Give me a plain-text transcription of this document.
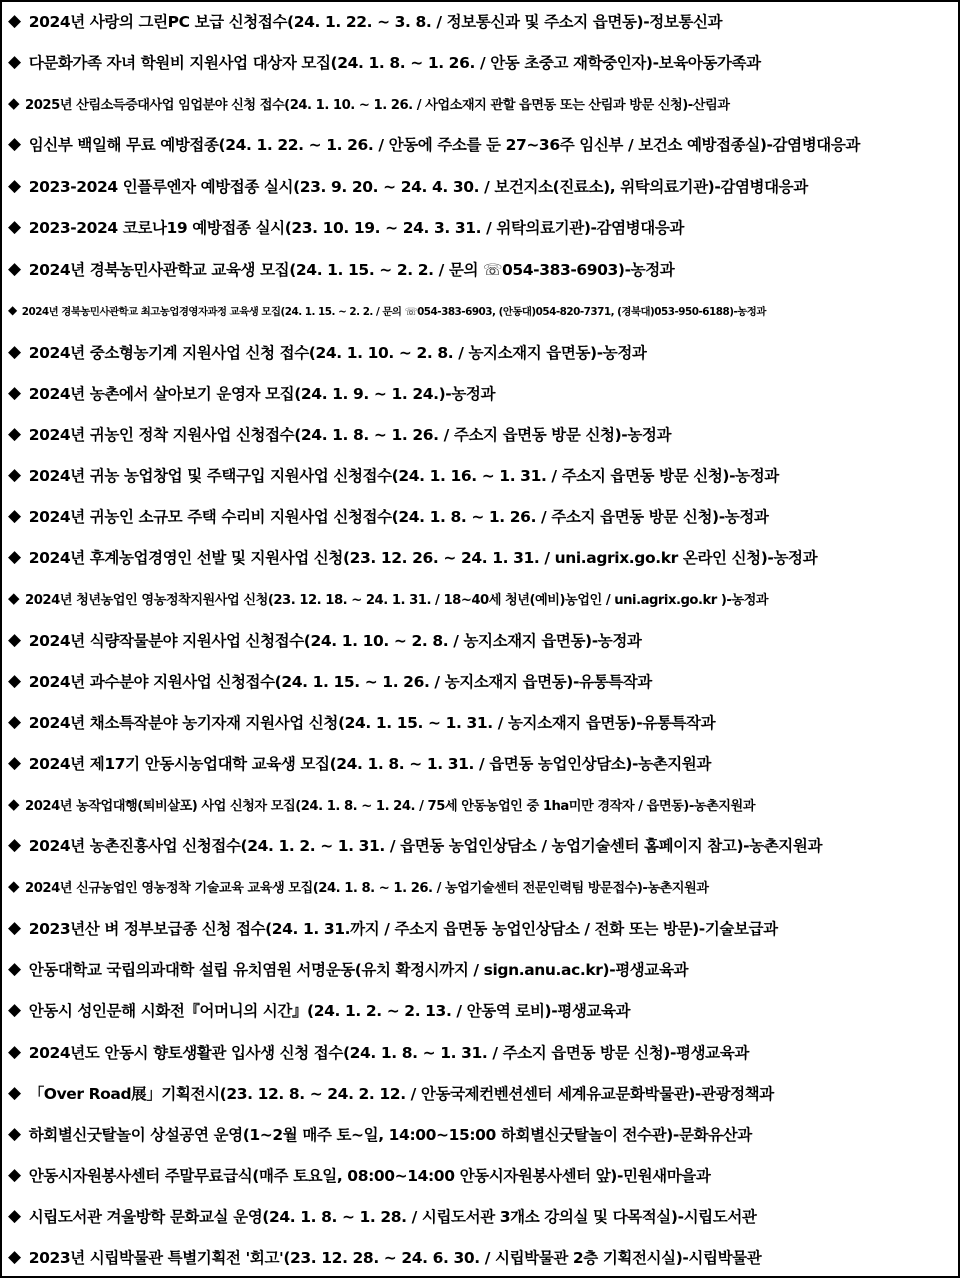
◆ 2024년 사랑의 그린PC 보급 신청접수(24. 1. 22. ~ 3. 8. / 정보통신과 및 주소지 읍면동)-정보통신과
◆ 다문화가족 자녀 학원비 지원사업 대상자 모집(24. 1. 8. ~ 1. 26. / 안동 초중고 재학중인자)-보육아동가족과
◆ 2025년 산림소득증대사업 임업분야 신청 접수(24. 1. 10. ~ 1. 26. / 사업소재지 관할 읍면동 또는 산림과 방문 신청)-산림과
◆ 임신부 백일해 무료 예방접종(24. 1. 22. ~ 1. 26. / 안동에 주소를 둔 27~36주 임신부 / 보건소 예방접종실)-감염병대응과
◆ 2023-2024 인플루엔자 예방접종 실시(23. 9. 20. ~ 24. 4. 30. / 보건지소(진료소), 위탁의료기관)-감염병대응과
◆ 2023-2024 코로나19 예방접종 실시(23. 10. 19. ~ 24. 3. 31. / 위탁의료기관)-감염병대응과
◆ 2024년 경북농민사관학교 교육생 모집(24. 1. 15. ~ 2. 2. / 문의 ☏054-383-6903)-농정과
◆ 2024년 경북농민사관학교 최고농업경영자과정 교육생 모집(24. 1. 15. ~ 2. 2. / 문의 ☏054-383-6903, (안동대)054-820-7371, (경북대)053-950-6188)-농정과
◆ 2024년 중소형농기계 지원사업 신청 접수(24. 1. 10. ~ 2. 8. / 농지소재지 읍면동)-농정과
◆ 2024년 농촌에서 살아보기 운영자 모집(24. 1. 9. ~ 1. 24.)-농정과
◆ 2024년 귀농인 정착 지원사업 신청접수(24. 1. 8. ~ 1. 26. / 주소지 읍면동 방문 신청)-농정과
◆ 2024년 귀농 농업창업 및 주택구입 지원사업 신청접수(24. 1. 16. ~ 1. 31. / 주소지 읍면동 방문 신청)-농정과
◆ 2024년 귀농인 소규모 주택 수리비 지원사업 신청접수(24. 1. 8. ~ 1. 26. / 주소지 읍면동 방문 신청)-농정과
◆ 2024년 후계농업경영인 선발 및 지원사업 신청(23. 12. 26. ~ 24. 1. 31. / uni.agrix.go.kr 온라인 신청)-농정과
◆ 2024년 청년농업인 영농정착지원사업 신청(23. 12. 18. ~ 24. 1. 31. / 18~40세 청년(예비)농업인 / uni.agrix.go.kr )-농정과
◆ 2024년 식량작물분야 지원사업 신청접수(24. 1. 10. ~ 2. 8. / 농지소재지 읍면동)-농정과
◆ 2024년 과수분야 지원사업 신청접수(24. 1. 15. ~ 1. 26. / 농지소재지 읍면동)-유통특작과
◆ 2024년 채소특작분야 농기자재 지원사업 신청(24. 1. 15. ~ 1. 31. / 농지소재지 읍면동)-유통특작과
◆ 2024년 제17기 안동시농업대학 교육생 모집(24. 1. 8. ~ 1. 31. / 읍면동 농업인상담소)-농촌지원과
◆ 2024년 농작업대행(퇴비살포) 사업 신청자 모집(24. 1. 8. ~ 1. 24. / 75세 안동농업인 중 1ha미만 경작자 / 읍면동)-농촌지원과
◆ 2024년 농촌진흥사업 신청접수(24. 1. 2. ~ 1. 31. / 읍면동 농업인상담소 / 농업기술센터 홈페이지 참고)-농촌지원과
◆ 2024년 신규농업인 영농정착 기술교육 교육생 모집(24. 1. 8. ~ 1. 26. / 농업기술센터 전문인력팀 방문접수)-농촌지원과
◆ 2023년산 벼 정부보급종 신청 접수(24. 1. 31.까지 / 주소지 읍면동 농업인상담소 / 전화 또는 방문)-기술보급과
◆ 안동대학교 국립의과대학 설립 유치염원 서명운동(유치 확정시까지 / sign.anu.ac.kr)-평생교육과
◆ 안동시 성인문해 시화전『어머니의 시간』(24. 1. 2. ~ 2. 13. / 안동역 로비)-평생교육과
◆ 2024년도 안동시 향토생활관 입사생 신청 접수(24. 1. 8. ~ 1. 31. / 주소지 읍면동 방문 신청)-평생교육과
◆ 「Over Road展」기획전시(23. 12. 8. ~ 24. 2. 12. / 안동국제컨벤션센터 세계유교문화박물관)-관광정책과
◆ 하회별신굿탈놀이 상설공연 운영(1~2월 매주 토~일, 14:00~15:00 하회별신굿탈놀이 전수관)-문화유산과
◆ 안동시자원봉사센터 주말무료급식(매주 토요일, 08:00~14:00 안동시자원봉사센터 앞)-민원새마을과
◆ 시립도서관 겨울방학 문화교실 운영(24. 1. 8. ~ 1. 28. / 시립도서관 3개소 강의실 및 다목적실)-시립도서관
◆ 2023년 시립박물관 특별기획전 '회고'(23. 12. 28. ~ 24. 6. 30. / 시립박물관 2층 기획전시실)-시립박물관
